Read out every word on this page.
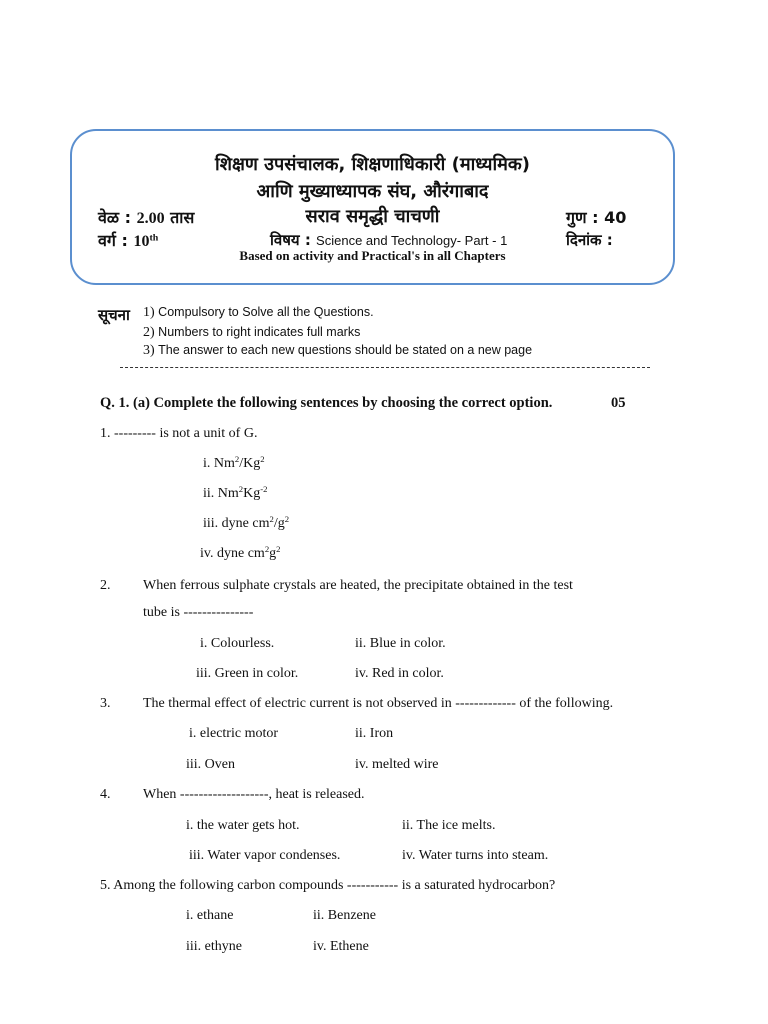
शिक्षण उपसंचालक, शिक्षणाधिकारी (माध्यमिक)
आणि मुख्याध्यापक संघ, औरंगाबाद
वेळ : 2.00 तास	सराव समृद्धी चाचणी	गुण : 40
वर्ग : 10th	विषय : Science and Technology- Part - 1	दिनांक :
Based on activity and Practical's in all Chapters
सूचना 1) Compulsory to Solve all the Questions.
2) Numbers to right indicates full marks
3) The answer to each new questions should be stated on a new page
Q. 1. (a) Complete the following sentences by choosing the correct option.	05
1. --------- is not a unit of G.
i. Nm$^2$/Kg$^2$
ii. $Nm^2Kg^{-2}$
iii. dyne $cm^2/g^2$
iv. dyne $cm^2g^2$
2. When ferrous sulphate crystals are heated, the precipitate obtained in the test
tube is ---------------
i. Colourless.	ii. Blue in color.
iii. Green in color.	iv. Red in color.
3. The thermal effect of electric current is not observed in ------------- of the following.
i. electric motor	ii. Iron
iii. Oven	iv. melted wire
4. When -------------------, heat is released.
i. the water gets hot.	ii. The ice melts.
iii. Water vapor condenses.	iv. Water turns into steam.
5. Among the following carbon compounds ----------- is a saturated hydrocarbon?
i. ethane	ii. Benzene
iii. ethyne	iv. Ethene
